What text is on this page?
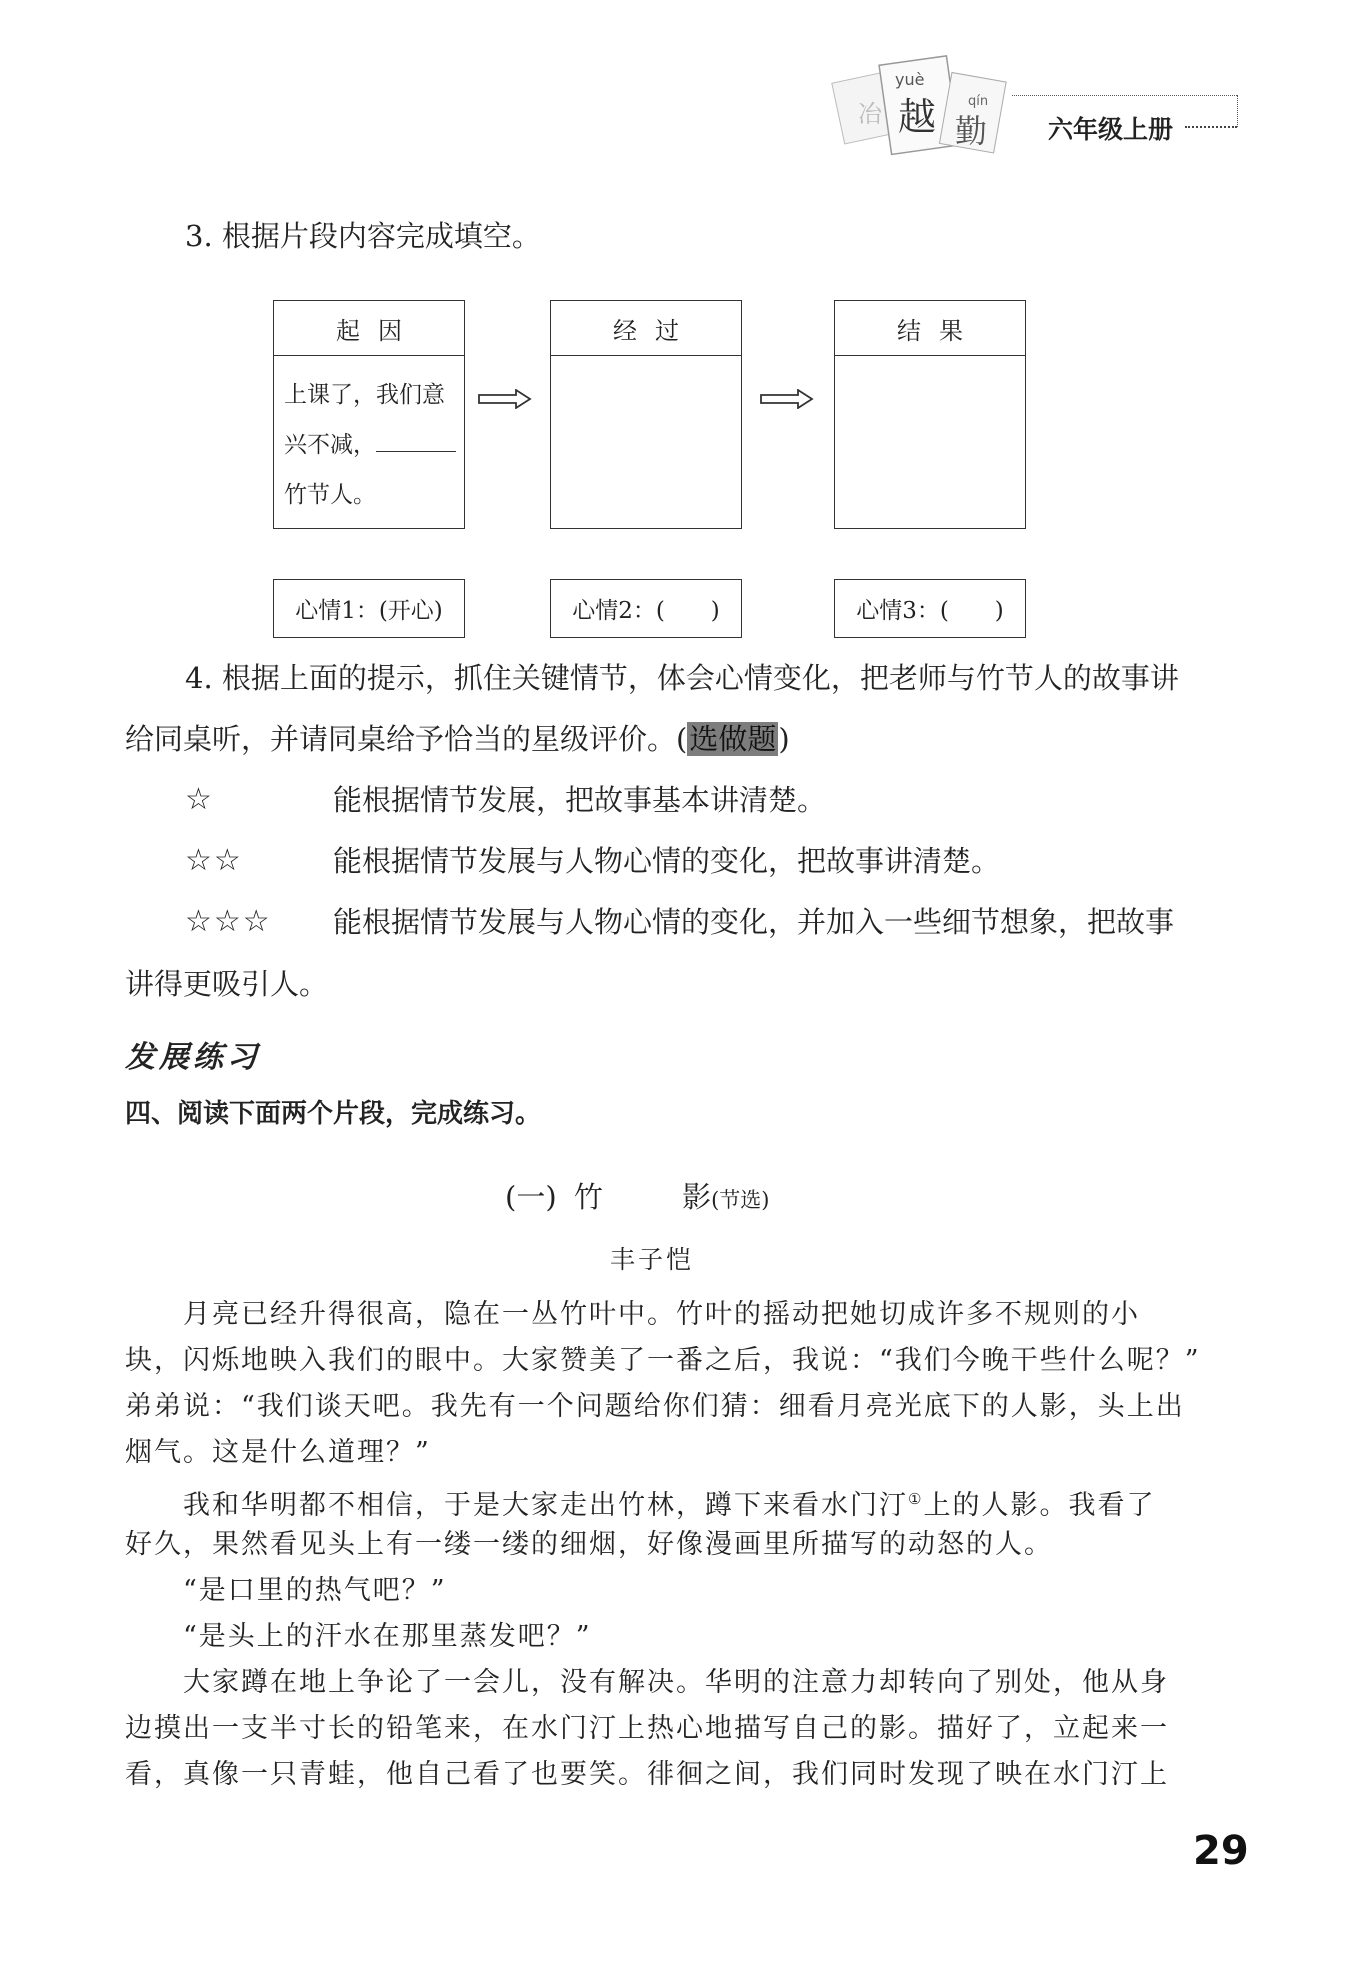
冶
yuè
越 qín
勤 六年级上册
3. 根据片段内容完成填空。
起因
上课了，我们意
兴不减，
竹节人。
经过	结果
心情1：(开心)	心情2：(　　)	心情3：(　　)
4. 根据上面的提示，抓住关键情节，体会心情变化，把老师与竹节人的故事讲
给同桌听，并请同桌给予恰当的星级评价。(选做题)
☆	能根据情节发展，把故事基本讲清楚。
☆☆	能根据情节发展与人物心情的变化，把故事讲清楚。
☆☆☆ 能根据情节发展与人物心情的变化，并加入一些细节想象，把故事
讲得更吸引人。
发展练习
四、阅读下面两个片段，完成练习。
(一) 竹	影(节选)
丰子恺
月亮已经升得很高，隐在一丛竹叶中。竹叶的摇动把她切成许多不规则的小
块，闪烁地映入我们的眼中。大家赞美了一番之后，我说：“我们今晚干些什么呢？”
弟弟说：“我们谈天吧。我先有一个问题给你们猜：细看月亮光底下的人影，头上出
烟气。这是什么道理？”
我和华明都不相信，于是大家走出竹林，蹲下来看水门汀①上的人影。我看了
好久，果然看见头上有一缕一缕的细烟，好像漫画里所描写的动怒的人。
“是口里的热气吧？”
“是头上的汗水在那里蒸发吧？”
大家蹲在地上争论了一会儿，没有解决。华明的注意力却转向了别处，他从身
边摸出一支半寸长的铅笔来，在水门汀上热心地描写自己的影。描好了，立起来一
看，真像一只青蛙，他自己看了也要笑。徘徊之间，我们同时发现了映在水门汀上
29
